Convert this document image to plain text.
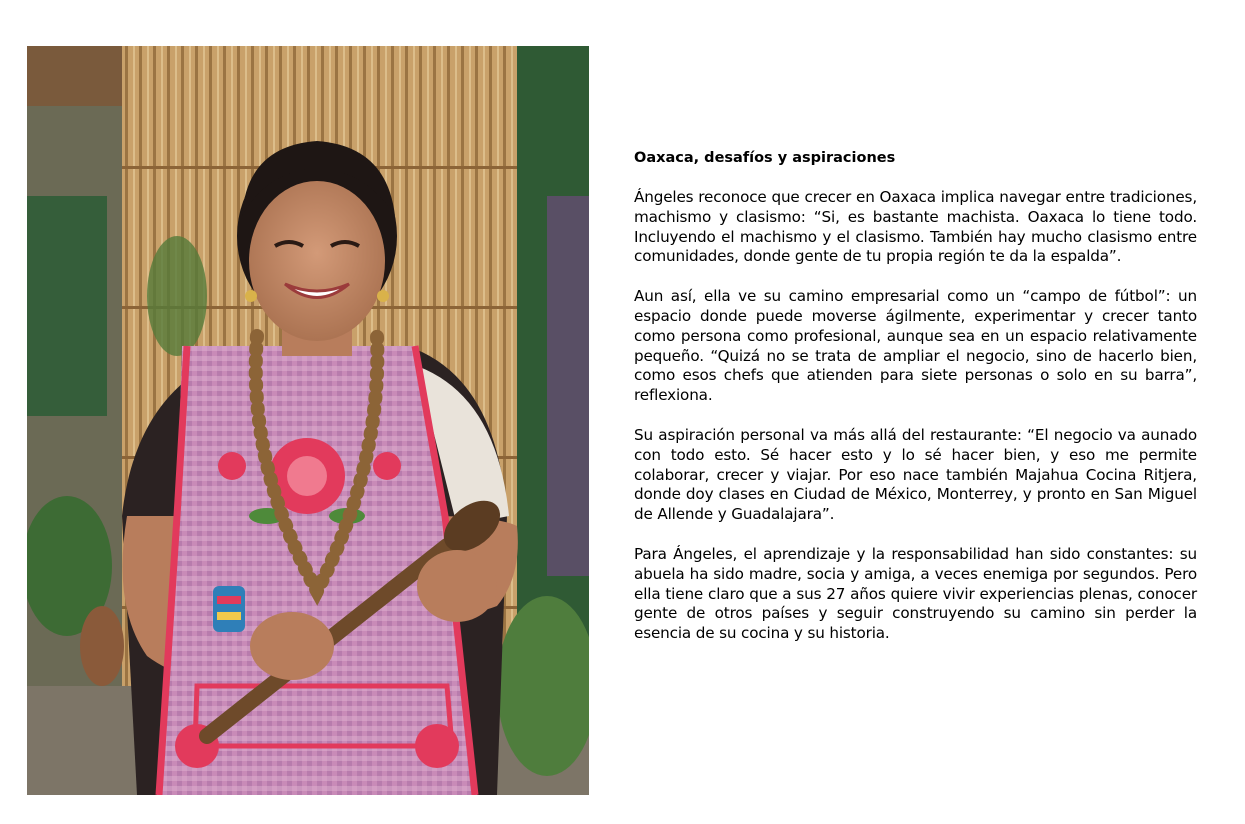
Oaxaca, desafíos y aspiraciones

Ángeles reconoce que crecer en Oaxaca implica navegar entre tradiciones, machismo y clasismo: “Si, es bastante machista. Oaxaca lo tiene todo. Incluyendo el machismo y el clasismo. También hay mucho clasismo entre comunidades, donde gente de tu propia región te da la espalda”.

Aun así, ella ve su camino empresarial como un “campo de fútbol”: un espacio donde puede moverse ágilmente, experimentar y crecer tanto como persona como profesional, aunque sea en un espacio relativamente pequeño. “Quizá no se trata de ampliar el negocio, sino de hacerlo bien, como esos chefs que atienden para siete personas o solo en su barra”, reflexiona.

Su aspiración personal va más allá del restaurante: “El negocio va aunado con todo esto. Sé hacer esto y lo sé hacer bien, y eso me permite colaborar, crecer y viajar. Por eso nace también Majahua Cocina Ritjera, donde doy clases en Ciudad de México, Monterrey, y pronto en San Miguel de Allende y Guadalajara”.

Para Ángeles, el aprendizaje y la responsabilidad han sido constantes: su abuela ha sido madre, socia y amiga, a veces enemiga por segundos. Pero ella tiene claro que a sus 27 años quiere vivir experiencias plenas, conocer gente de otros países y seguir construyendo su camino sin perder la esencia de su cocina y su historia.
